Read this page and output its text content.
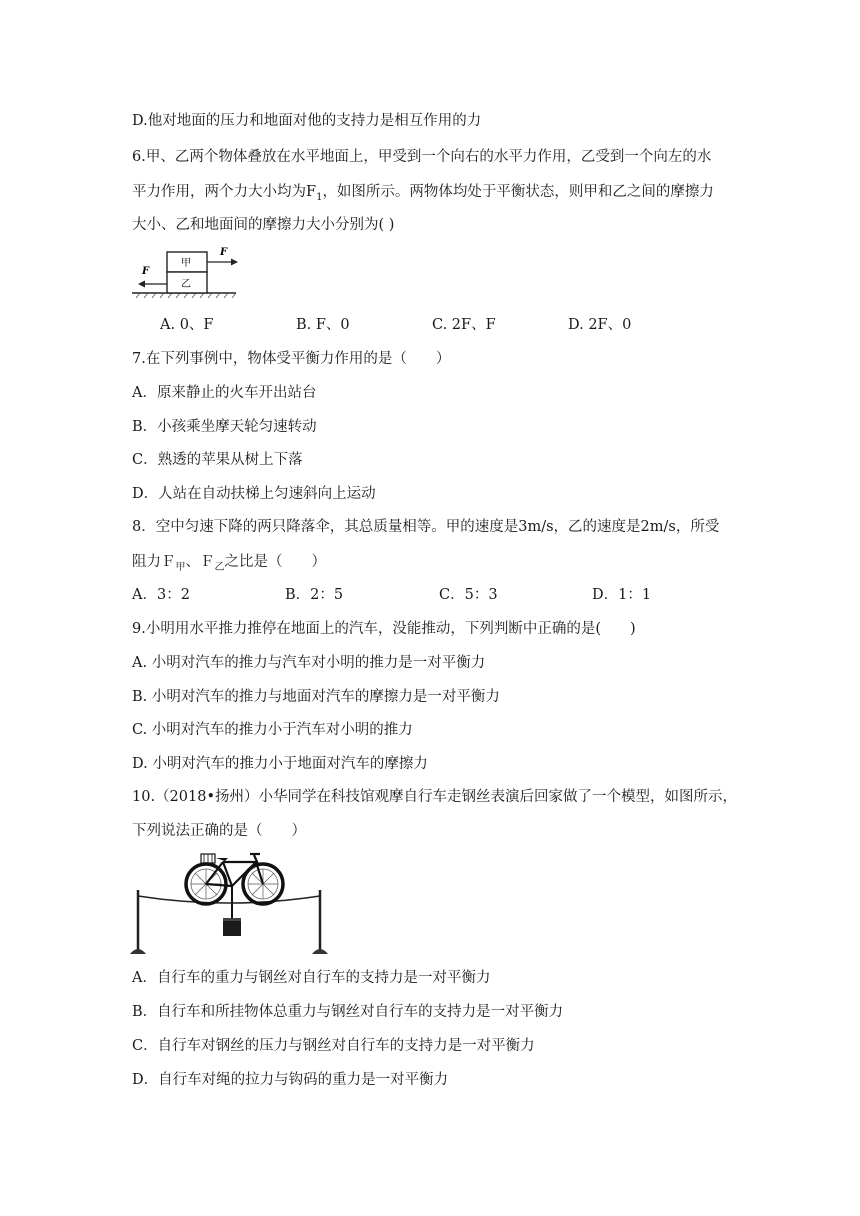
D.他对地面的压力和地面对他的支持力是相互作用的力
6.甲、乙两个物体叠放在水平地面上，甲受到一个向右的水平力作用，乙受到一个向左的水
平力作用，两个力大小均为$F_1$，如图所示。两物体均处于平衡状态，则甲和乙之间的摩擦力
大小、乙和地面间的摩擦力大小分别为( )
甲
乙
F
F
A. 0、F	B. F、0	C. 2F、F	D. 2F、0
7.在下列事例中，物体受平衡力作用的是（　　）
A．原来静止的火车开出站台
B．小孩乘坐摩天轮匀速转动
C．熟透的苹果从树上下落
D．人站在自动扶梯上匀速斜向上运动
8．空中匀速下降的两只降落伞，其总质量相等。甲的速度是3m/s，乙的速度是2m/s，所受
阻力Ｆ$_甲$、Ｆ$_乙$之比是（　　）
A．3：2	B．2：5	C．5：3	D．1：1
9.小明用水平推力推停在地面上的汽车，没能推动，下列判断中正确的是(　　)
A. 小明对汽车的推力与汽车对小明的推力是一对平衡力
B. 小明对汽车的推力与地面对汽车的摩擦力是一对平衡力
C. 小明对汽车的推力小于汽车对小明的推力
D. 小明对汽车的推力小于地面对汽车的摩擦力
10.（2018•扬州）小华同学在科技馆观摩自行车走钢丝表演后回家做了一个模型，如图所示，
下列说法正确的是（　　）
A．自行车的重力与钢丝对自行车的支持力是一对平衡力
B．自行车和所挂物体总重力与钢丝对自行车的支持力是一对平衡力
C．自行车对钢丝的压力与钢丝对自行车的支持力是一对平衡力
D．自行车对绳的拉力与钩码的重力是一对平衡力
